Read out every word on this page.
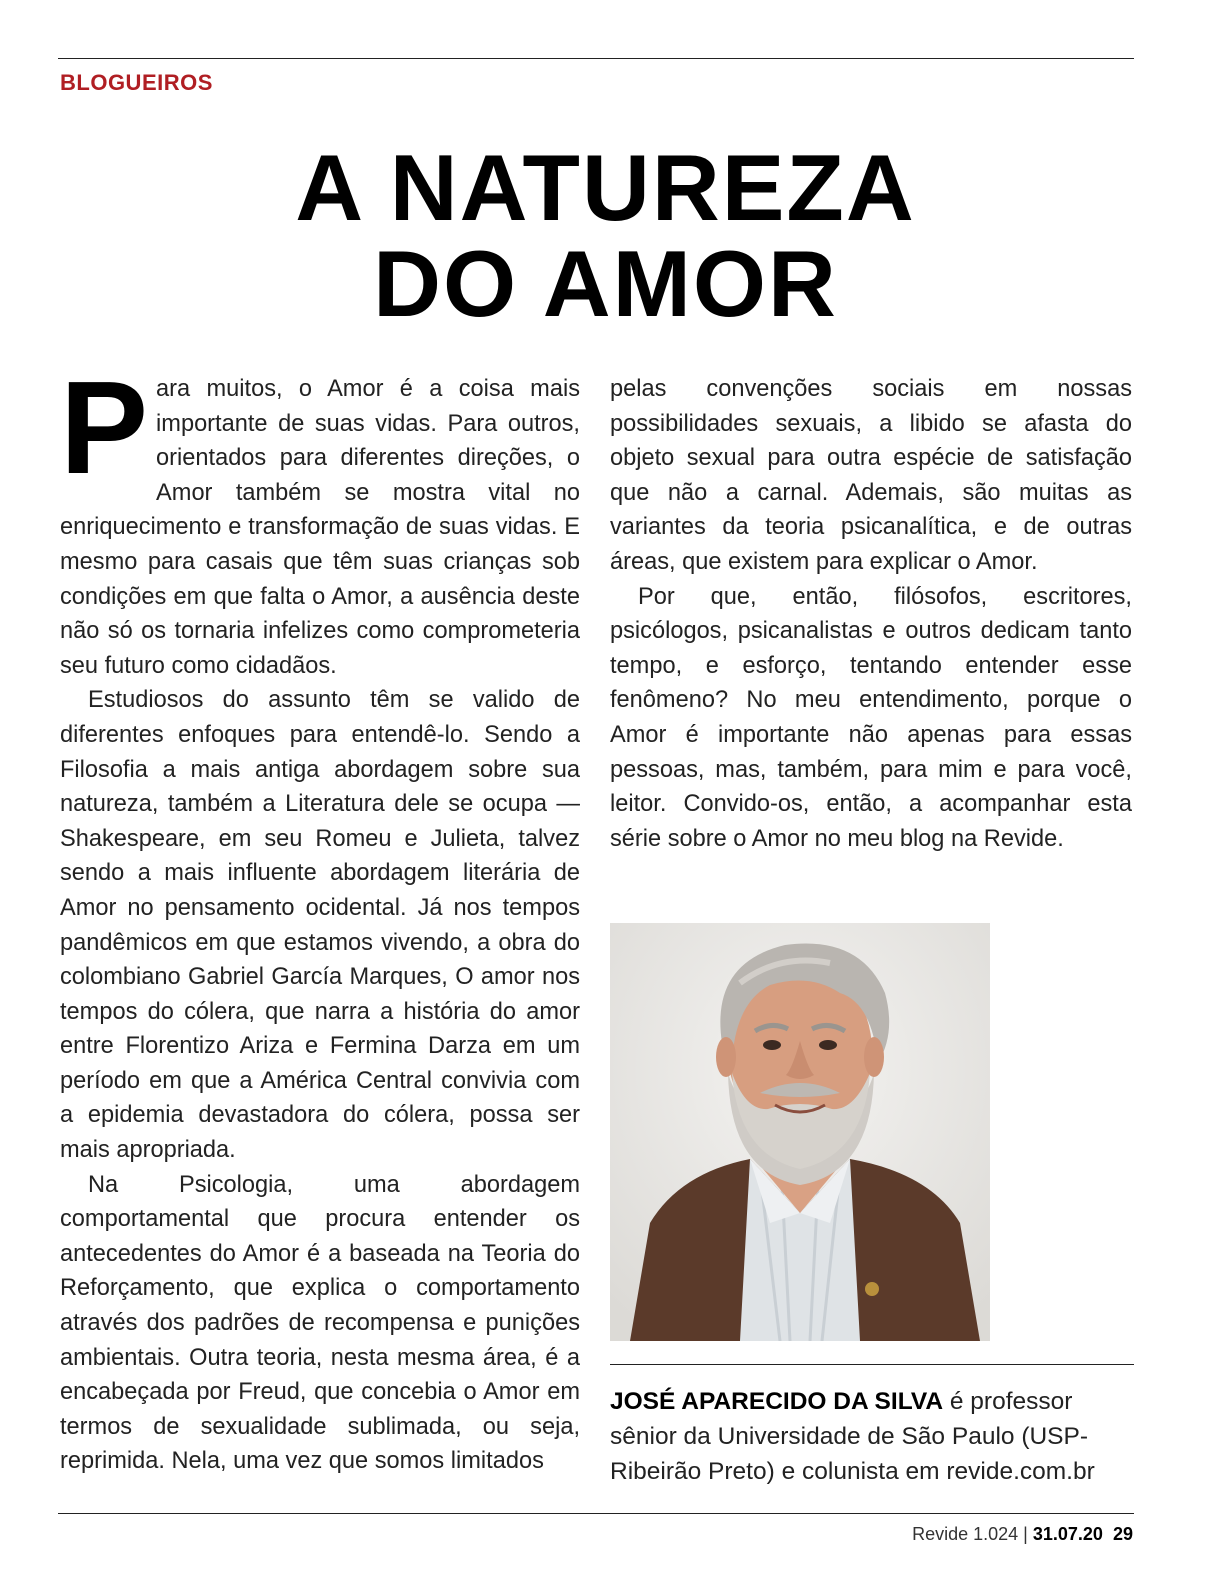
BLOGUEIROS
A NATUREZA
DO AMOR

Para muitos, o Amor é a coisa mais importante de suas vidas. Para outros, orientados para diferentes direções, o Amor também se mostra vital no enriquecimento e transformação de suas vidas. E mesmo para casais que têm suas crianças sob condições em que falta o Amor, a ausência deste não só os tornaria infelizes como comprometeria seu futuro como cidadãos.

Estudiosos do assunto têm se valido de diferentes enfoques para entendê-lo. Sendo a Filosofia a mais antiga abordagem sobre sua natureza, também a Literatura dele se ocupa — Shakespeare, em seu Romeu e Julieta, talvez sendo a mais influente abordagem literária de Amor no pensamento ocidental. Já nos tempos pandêmicos em que estamos vivendo, a obra do colombiano Gabriel García Marques, O amor nos tempos do cólera, que narra a história do amor entre Florentizo Ariza e Fermina Darza em um período em que a América Central convivia com a epidemia devastadora do cólera, possa ser mais apropriada.

Na Psicologia, uma abordagem comportamental que procura entender os antecedentes do Amor é a baseada na Teoria do Reforçamento, que explica o comportamento através dos padrões de recompensa e punições ambientais. Outra teoria, nesta mesma área, é a encabeçada por Freud, que concebia o Amor em termos de sexualidade sublimada, ou seja, reprimida. Nela, uma vez que somos limitados

pelas convenções sociais em nossas possibilidades sexuais, a libido se afasta do objeto sexual para outra espécie de satisfação que não a carnal. Ademais, são muitas as variantes da teoria psicanalítica, e de outras áreas, que existem para explicar o Amor.

Por que, então, filósofos, escritores, psicólogos, psicanalistas e outros dedicam tanto tempo, e esforço, tentando entender esse fenômeno? No meu entendimento, porque o Amor é importante não apenas para essas pessoas, mas, também, para mim e para você, leitor. Convido-os, então, a acompanhar esta série sobre o Amor no meu blog na Revide.

JOSÉ APARECIDO DA SILVA é professor sênior da Universidade de São Paulo (USP-Ribeirão Preto) e colunista em revide.com.br
Revide 1.024 | 31.07.20 29
